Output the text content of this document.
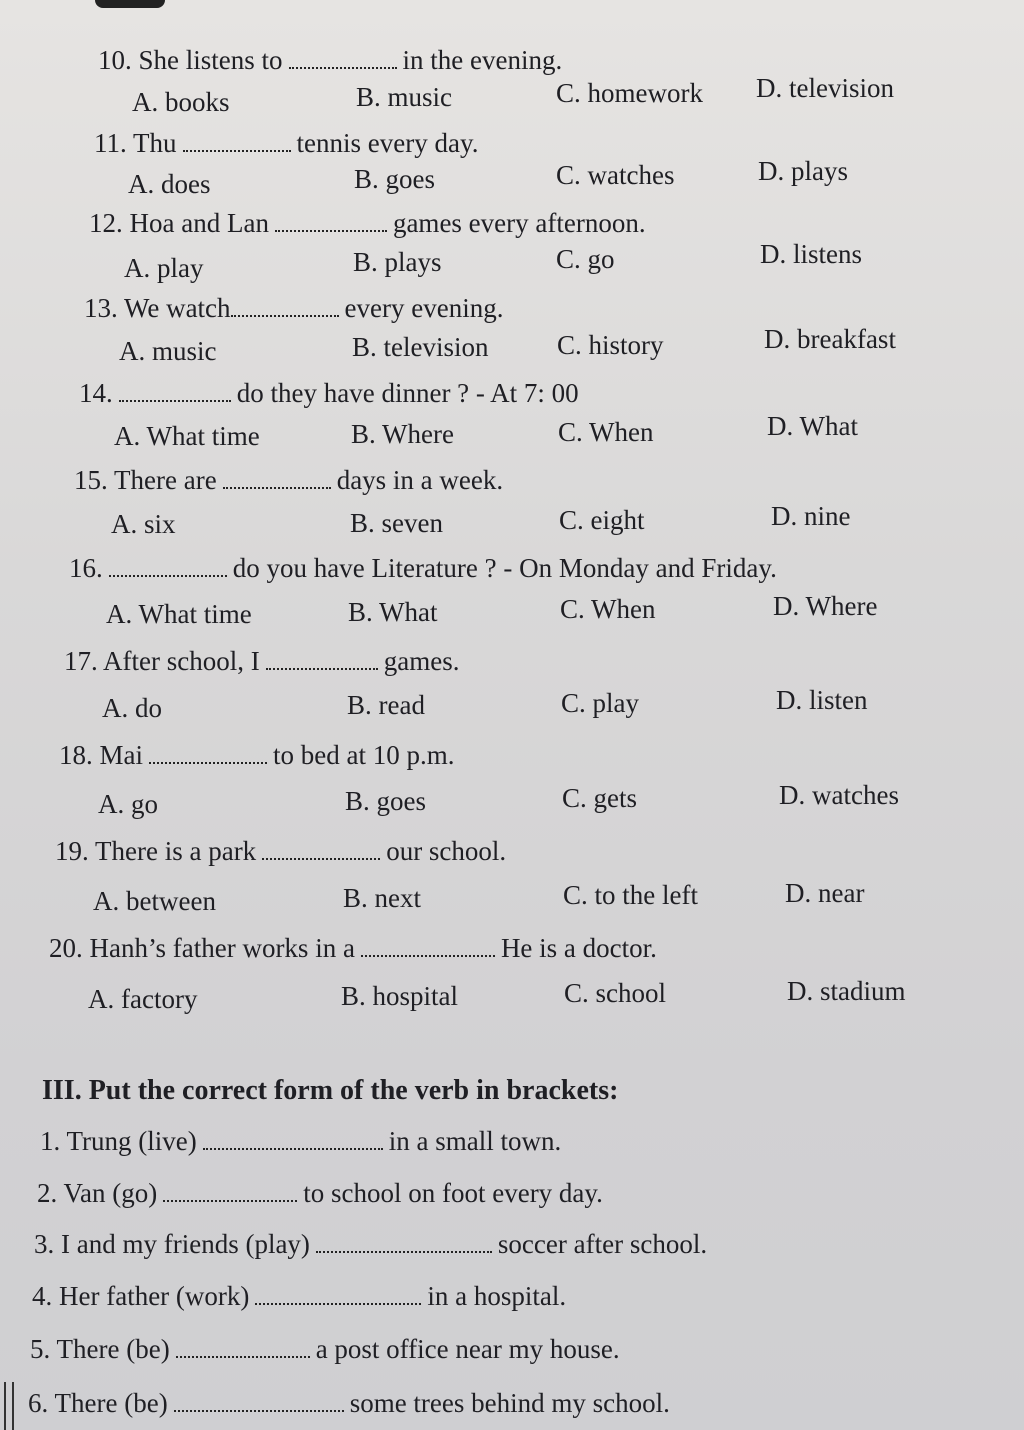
10. She listens to	in the evening.
A. books	B. music	C. homework D. television
11. Thu	tennis every day.
A. does	B. goes	C. watches	D. plays
12. Hoa and Lan	games every afternoon.
A. play	B. plays	C. go	D. listens
13. We watch	every evening.
A. music	B. television	C. history	D. breakfast
14.	do they have dinner ? - At 7: 00
A. What time	B. Where	C. When	D. What
15. There are	days in a week.
A. six	B. seven	C. eight	D. nine
16.	do you have Literature ? - On Monday and Friday.
A. What time	B. What	C. When	D. Where
17. After school, I	games.
A. do	B. read	C. play	D. listen
18. Mai	to bed at 10 p.m.
A. go	B. goes	C. gets	D. watches
19. There is a park	our school.
A. between	B. next	C. to the left	D. near
20. Hanh’s father works in a	He is a doctor.
A. factory	B. hospital	C. school	D. stadium
III. Put the correct form of the verb in brackets:
1. Trung (live)	in a small town.
2. Van (go)	to school on foot every day.
3. I and my friends (play)	soccer after school.
4. Her father (work)	in a hospital.
5. There (be)	a post office near my house.
6. There (be)	some trees behind my school.
